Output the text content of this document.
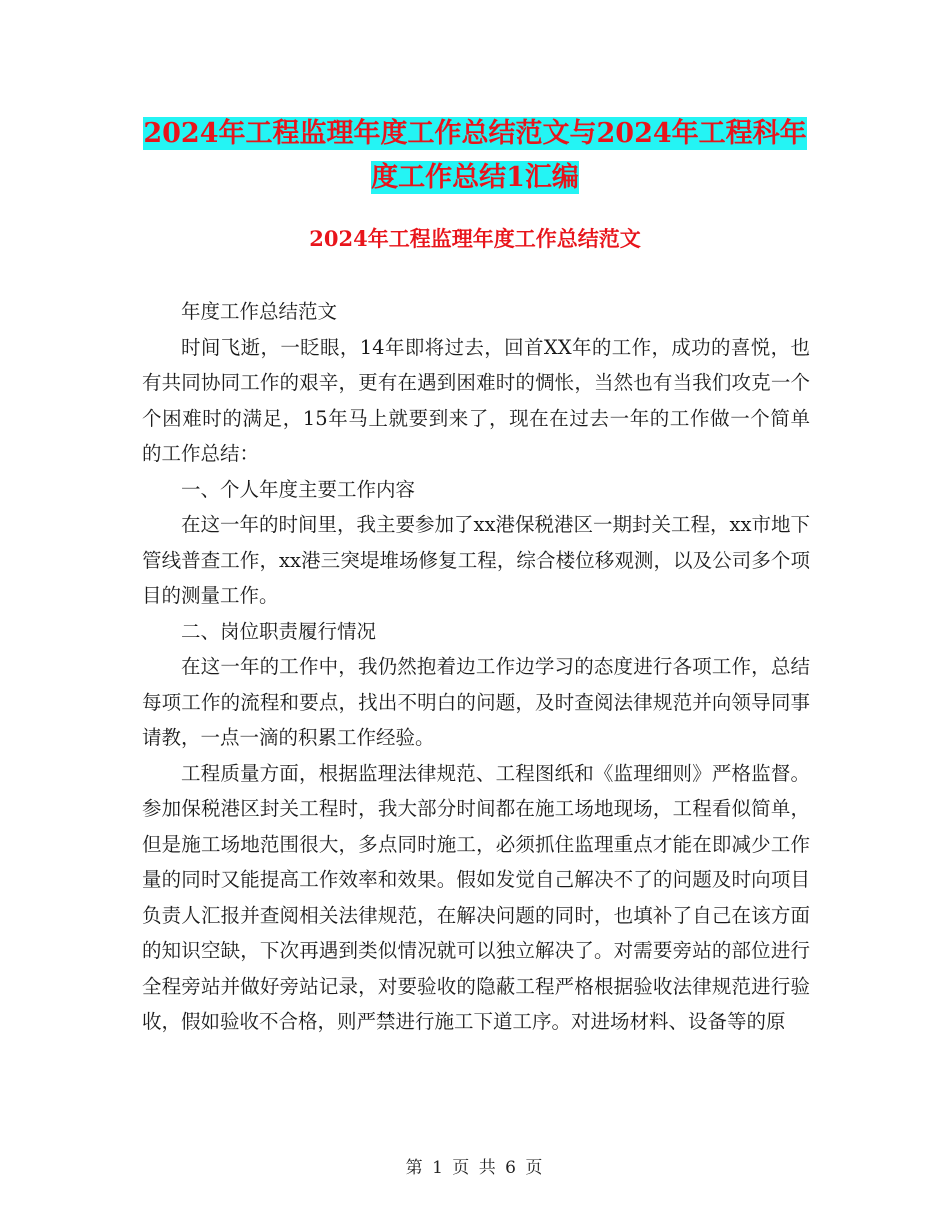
2024年工程监理年度工作总结范文与2024年工程科年
度工作总结1汇编
2024年工程监理年度工作总结范文

年度工作总结范文

时间飞逝，一眨眼，14年即将过去，回首XX年的工作，成功的喜悦，也有共同协同工作的艰辛，更有在遇到困难时的惆怅，当然也有当我们攻克一个个困难时的满足，15年马上就要到来了，现在在过去一年的工作做一个简单的工作总结：

一、个人年度主要工作内容

在这一年的时间里，我主要参加了xx港保税港区一期封关工程，xx市地下管线普查工作，xx港三突堤堆场修复工程，综合楼位移观测，以及公司多个项目的测量工作。

二、岗位职责履行情况

在这一年的工作中，我仍然抱着边工作边学习的态度进行各项工作，总结每项工作的流程和要点，找出不明白的问题，及时查阅法律规范并向领导同事请教，一点一滴的积累工作经验。

工程质量方面，根据监理法律规范、工程图纸和《监理细则》严格监督。参加保税港区封关工程时，我大部分时间都在施工场地现场，工程看似简单，但是施工场地范围很大，多点同时施工，必须抓住监理重点才能在即减少工作量的同时又能提高工作效率和效果。假如发觉自己解决不了的问题及时向项目负责人汇报并查阅相关法律规范，在解决问题的同时，也填补了自己在该方面的知识空缺，下次再遇到类似情况就可以独立解决了。对需要旁站的部位进行全程旁站并做好旁站记录，对要验收的隐蔽工程严格根据验收法律规范进行验收，假如验收不合格，则严禁进行施工下道工序。对进场材料、设备等的原

第 1 页 共 6 页
